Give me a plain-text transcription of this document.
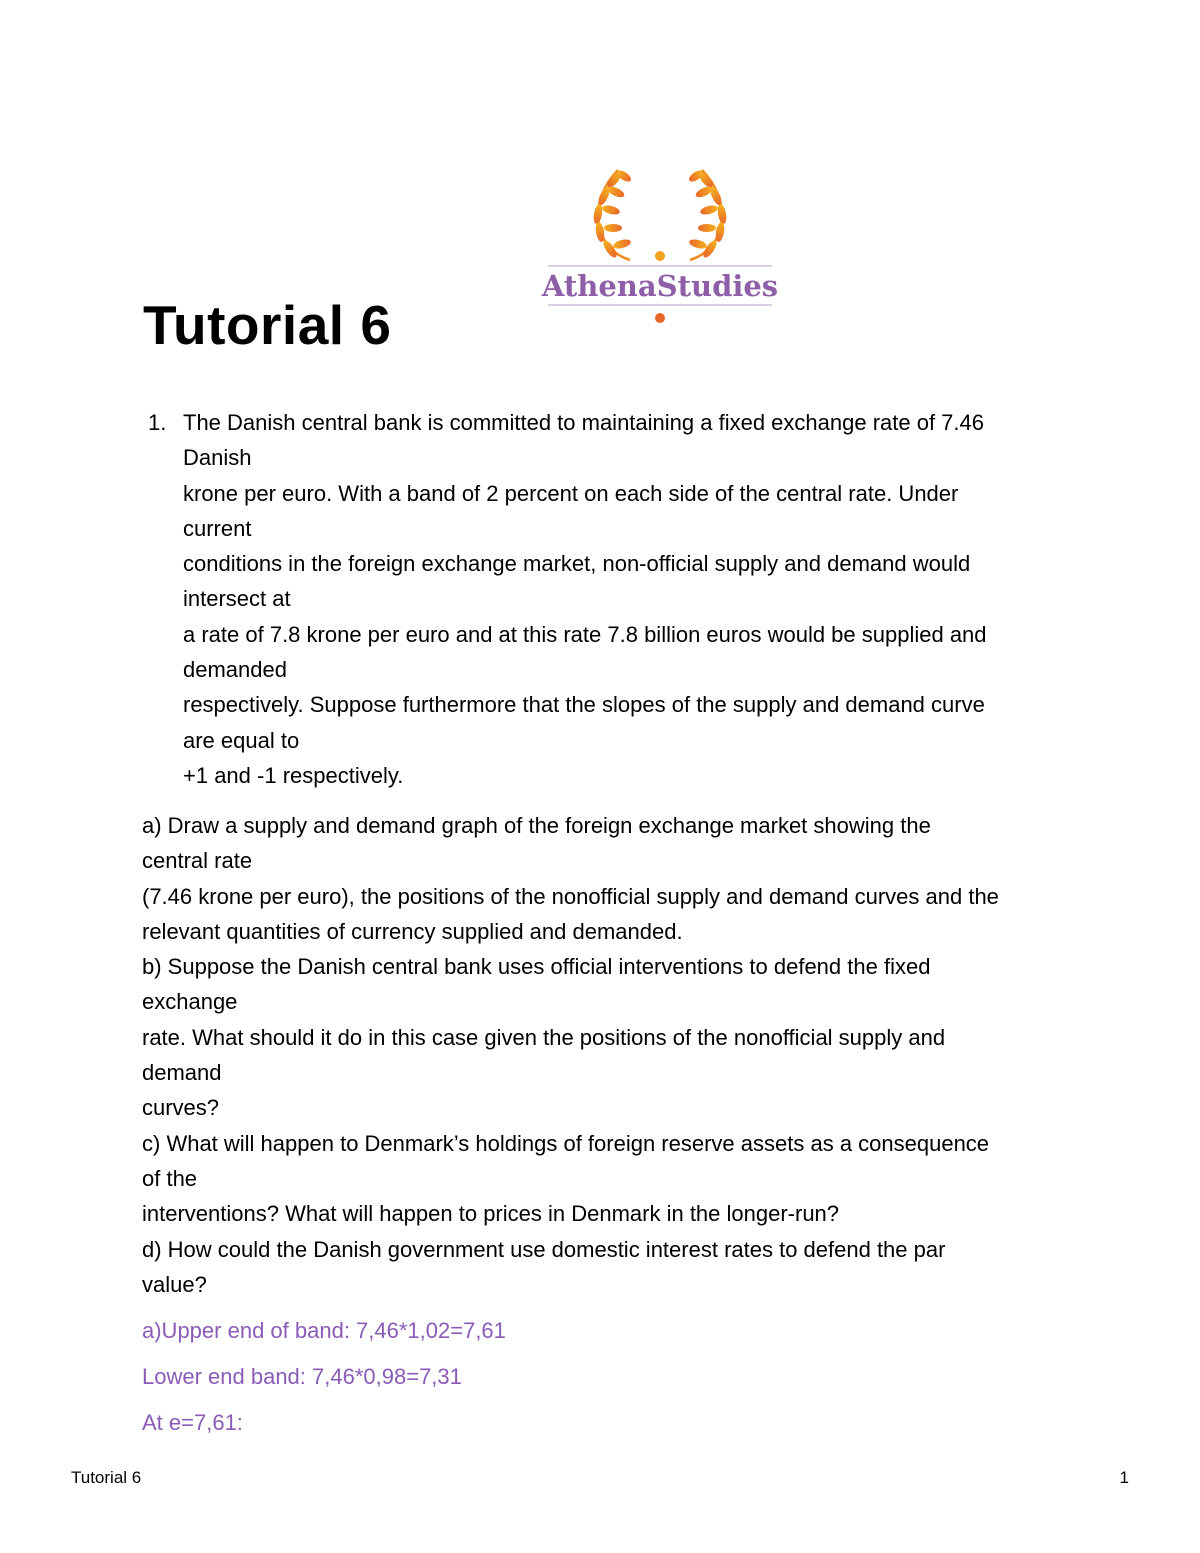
AthenaStudies
Tutorial 6
1. The Danish central bank is committed to maintaining a fixed exchange rate of 7.46
Danish
krone per euro. With a band of 2 percent on each side of the central rate. Under
current
conditions in the foreign exchange market, non-official supply and demand would
intersect at
a rate of 7.8 krone per euro and at this rate 7.8 billion euros would be supplied and
demanded
respectively. Suppose furthermore that the slopes of the supply and demand curve
are equal to
+1 and -1 respectively.
a) Draw a supply and demand graph of the foreign exchange market showing the
central rate
(7.46 krone per euro), the positions of the nonofficial supply and demand curves and the
relevant quantities of currency supplied and demanded.
b) Suppose the Danish central bank uses official interventions to defend the fixed
exchange
rate. What should it do in this case given the positions of the nonofficial supply and
demand
curves?
c) What will happen to Denmark’s holdings of foreign reserve assets as a consequence
of the
interventions? What will happen to prices in Denmark in the longer-run?
d) How could the Danish government use domestic interest rates to defend the par
value?
a)Upper end of band: 7,46*1,02=7,61
Lower end band: 7,46*0,98=7,31
At e=7,61:
Tutorial 6	1
